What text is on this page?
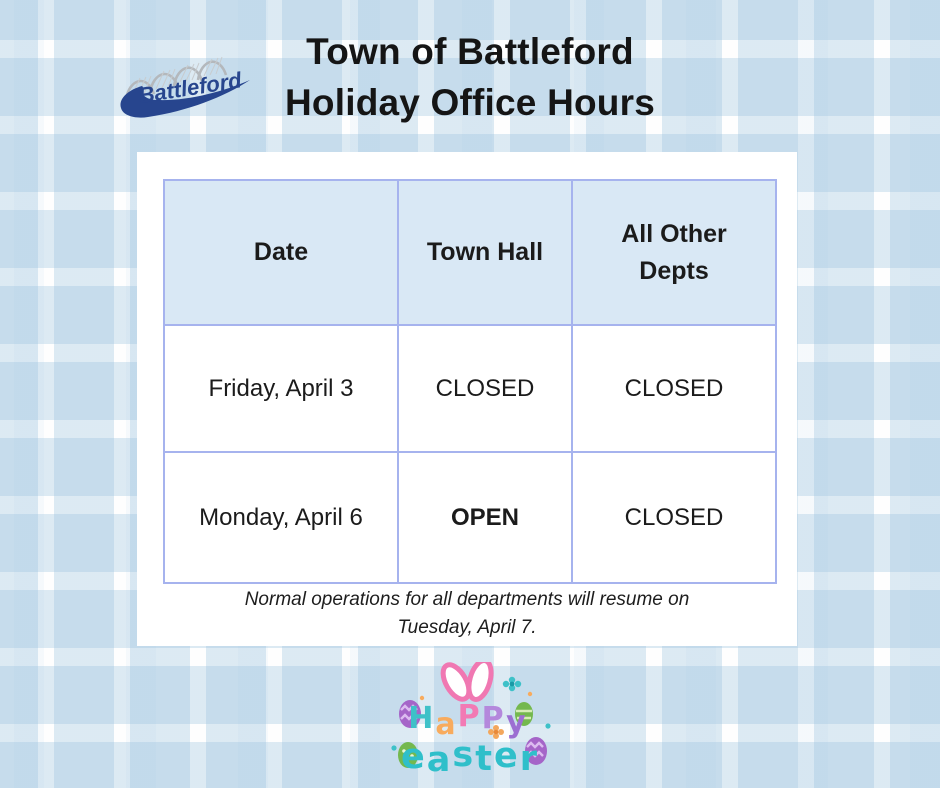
Battleford
Town of Battleford
Holiday Office Hours
Date	Town Hall	All Other Depts
Friday, April 3	CLOSED	CLOSED
Monday, April 6	OPEN	CLOSED
Normal operations for all departments will resume on
Tuesday, April 7.
HaPPy
easter
